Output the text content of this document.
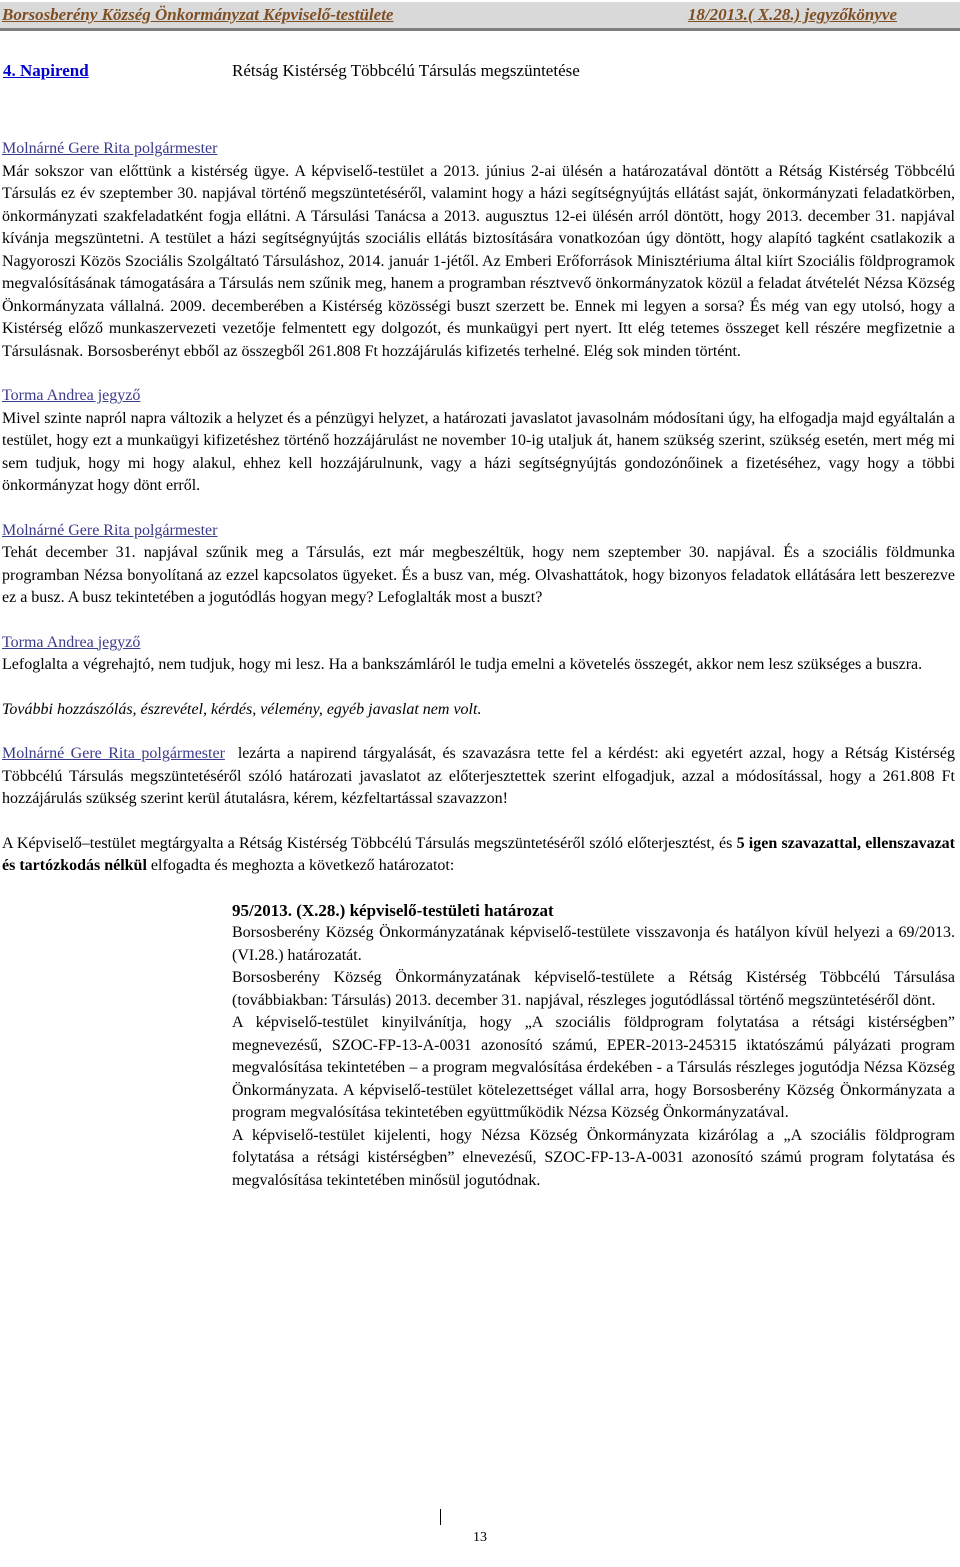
Borsosberény Község Önkormányzat Képviselő-testülete	18/2013.( X.28.) jegyzőkönyve
4. Napirend	Rétság Kistérség Többcélú Társulás megszüntetése

Molnárné Gere Rita polgármester

Már sokszor van előttünk a kistérség ügye. A képviselő-testület a 2013. június 2-ai ülésén a határozatával döntött a Rétság Kistérség Többcélú Társulás ez év szeptember 30. napjával történő megszüntetéséről, valamint hogy a házi segítségnyújtás ellátást saját, önkormányzati feladatkörben, önkormányzati szakfeladatként fogja ellátni. A Társulási Tanácsa a 2013. augusztus 12-ei ülésén arról döntött, hogy 2013. december 31. napjával kívánja megszüntetni. A testület a házi segítségnyújtás szociális ellátás biztosítására vonatkozóan úgy döntött, hogy alapító tagként csatlakozik a Nagyoroszi Közös Szociális Szolgáltató Társuláshoz, 2014. január 1-jétől. Az Emberi Erőforrások Minisztériuma által kiírt Szociális földprogramok megvalósításának támogatására a Társulás nem szűnik meg, hanem a programban résztvevő önkormányzatok közül a feladat átvételét Nézsa Község Önkormányzata vállalná. 2009. decemberében a Kistérség közösségi buszt szerzett be. Ennek mi legyen a sorsa? És még van egy utolsó, hogy a Kistérség előző munkaszervezeti vezetője felmentett egy dolgozót, és munkaügyi pert nyert. Itt elég tetemes összeget kell részére megfizetnie a Társulásnak. Borsosberényt ebből az összegből 261.808 Ft hozzájárulás kifizetés terhelné. Elég sok minden történt.

Torma Andrea jegyző

Mivel szinte napról napra változik a helyzet és a pénzügyi helyzet, a határozati javaslatot javasolnám módosítani úgy, ha elfogadja majd egyáltalán a testület, hogy ezt a munkaügyi kifizetéshez történő hozzájárulást ne november 10-ig utaljuk át, hanem szükség szerint, szükség esetén, mert még mi sem tudjuk, hogy mi hogy alakul, ehhez kell hozzájárulnunk, vagy a házi segítségnyújtás gondozónőinek a fizetéséhez, vagy hogy a többi önkormányzat hogy dönt erről.

Molnárné Gere Rita polgármester

Tehát december 31. napjával szűnik meg a Társulás, ezt már megbeszéltük, hogy nem szeptember 30. napjával. És a szociális földmunka programban Nézsa bonyolítaná az ezzel kapcsolatos ügyeket. És a busz van, még. Olvashattátok, hogy bizonyos feladatok ellátására lett beszerezve ez a busz. A busz tekintetében a jogutódlás hogyan megy? Lefoglalták most a buszt?

Torma Andrea jegyző

Lefoglalta a végrehajtó, nem tudjuk, hogy mi lesz. Ha a bankszámláról le tudja emelni a követelés összegét, akkor nem lesz szükséges a buszra.

További hozzászólás, észrevétel, kérdés, vélemény, egyéb javaslat nem volt.

Molnárné Gere Rita polgármester lezárta a napirend tárgyalását, és szavazásra tette fel a kérdést: aki egyetért azzal, hogy a Rétság Kistérség Többcélú Társulás megszüntetéséről szóló határozati javaslatot az előterjesztettek szerint elfogadjuk, azzal a módosítással, hogy a 261.808 Ft hozzájárulás szükség szerint kerül átutalásra, kérem, kézfeltartással szavazzon!

A Képviselő–testület megtárgyalta a Rétság Kistérség Többcélú Társulás megszüntetéséről szóló előterjesztést, és 5 igen szavazattal, ellenszavazat és tartózkodás nélkül elfogadta és meghozta a következő határozatot:

95/2013. (X.28.) képviselő-testületi határozat

Borsosberény Község Önkormányzatának képviselő-testülete visszavonja és hatályon kívül helyezi a 69/2013. (VI.28.) határozatát.

Borsosberény Község Önkormányzatának képviselő-testülete a Rétság Kistérség Többcélú Társulása (továbbiakban: Társulás) 2013. december 31. napjával, részleges jogutódlással történő megszüntetéséről dönt.

A képviselő-testület kinyilvánítja, hogy „A szociális földprogram folytatása a rétsági kistérségben” megnevezésű, SZOC-FP-13-A-0031 azonosító számú, EPER-2013-245315 iktatószámú pályázati program megvalósítása tekintetében – a program megvalósítása érdekében - a Társulás részleges jogutódja Nézsa Község Önkormányzata. A képviselő-testület kötelezettséget vállal arra, hogy Borsosberény Község Önkormányzata a program megvalósítása tekintetében együttműködik Nézsa Község Önkormányzatával.

A képviselő-testület kijelenti, hogy Nézsa Község Önkormányzata kizárólag a „A szociális földprogram folytatása a rétsági kistérségben” elnevezésű, SZOC-FP-13-A-0031 azonosító számú program folytatása és megvalósítása tekintetében minősül jogutódnak.

13
